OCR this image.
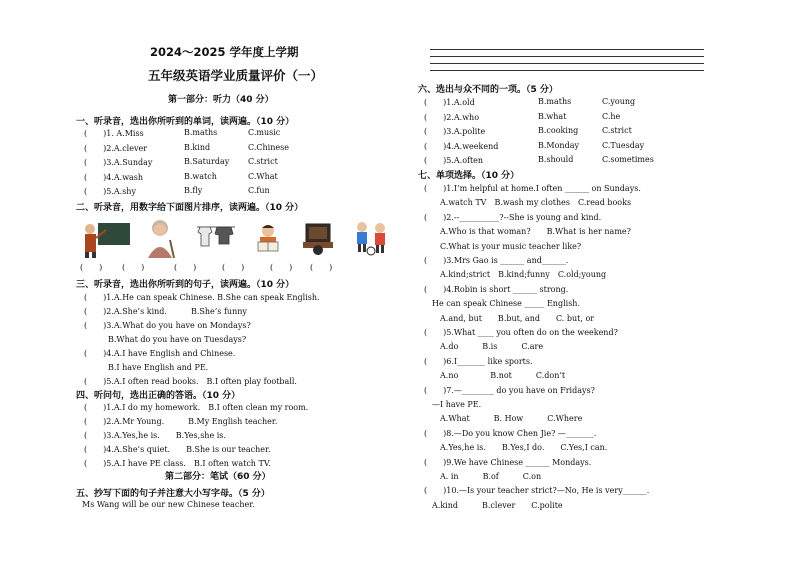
2024～2025 学年度上学期
五年级英语学业质量评价（一）
第一部分：听力（40 分）
一、听录音，选出你所听到的单词，读两遍。（10 分）
(　　)1. A.Miss	B.maths	C.music
(　　)2.A.clever	B.kind	C.Chinese
(　　)3.A.Sunday	B.Saturday C.strict
(　　)4.A.wash	B.watch	C.What
(　　)5.A.shy	B.fly	C.fun
二、听录音，用数字给下面图片排序，读两遍。（10 分）
(　　) (　　)	(　　)	(　　)	(　　) (　　)
三、听录音，选出你所听到的句子，读两遍。（10 分）
(　　)1.A.He can speak Chinese. B.She can speak English.
(　　)2.A.She’s kind.　　　B.She’s funny
(　　)3.A.What do you have on Mondays?
　　　B.What do you have on Tuesdays?
(　　)4.A.I have English and Chinese.
　　　B.I have English and PE.
(　　)5.A.I often read books.　B.I often play football.
四、听问句，选出正确的答语。（10 分）
(　　)1.A.I do my homework.　B.I often clean my room.
(　　)2.A.Mr Young.　　　B.My English teacher.
(　　)3.A.Yes,he is.　　B.Yes,she is.
(　　)4.A.She’s quiet.　　B.She is our teacher.
(　　)5.A.I have PE class.　B.I often watch TV.
第二部分：笔试（60 分）
五、抄写下面的句子并注意大小写字母。（5 分）
Ms Wang will be our new Chinese teacher.
六、选出与众不同的一项。（5 分）
(　　)1.A.old	B.maths	C.young
(　　)2.A.who	B.what	C.he
(　　)3.A.polite	B.cooking	C.strict
(　　)4.A.weekend	B.Monday	C.Tuesday
(　　)5.A.often	B.should	C.sometimes
七、单项选择。（10 分）
(　　)1.I’m helpful at home.I often ______ on Sundays.
　　A.watch TV　B.wash my clothes　C.read books
(　　)2.--__________?--She is young and kind.
　　A.Who is that woman?　　B.What is her name?
　　C.What is your music teacher like?
(　　)3.Mrs Gao is ______ and______.
　　A.kind;strict　B.kind;funny　C.old;young
(　　)4.Robin is short ______ strong.
　He can speak Chinese _____ English.
　　A.and, but　　B.but, and　　C. but, or
(　　)5.What ____ you often do on the weekend?
　　A.do　　　B.is　　　C.are
(　　)6.I_______ like sports.
　　A.no　　　　B.not　　　C.don’t
(　　)7.—________ do you have on Fridays?
　—I have PE.
　　A.What　　　B. How　　　C.Where
(　　)8.—Do you know Chen Jie? —_______.
　　A.Yes,he is.　　B.Yes,I do.　　C.Yes,I can.
(　　)9.We have Chinese ______ Mondays.
　　A. in　　　B.of　　　C.on
(　　)10.—Is your teacher strict?—No, He is very______.
　A.kind　　　B.clever　　C.polite
